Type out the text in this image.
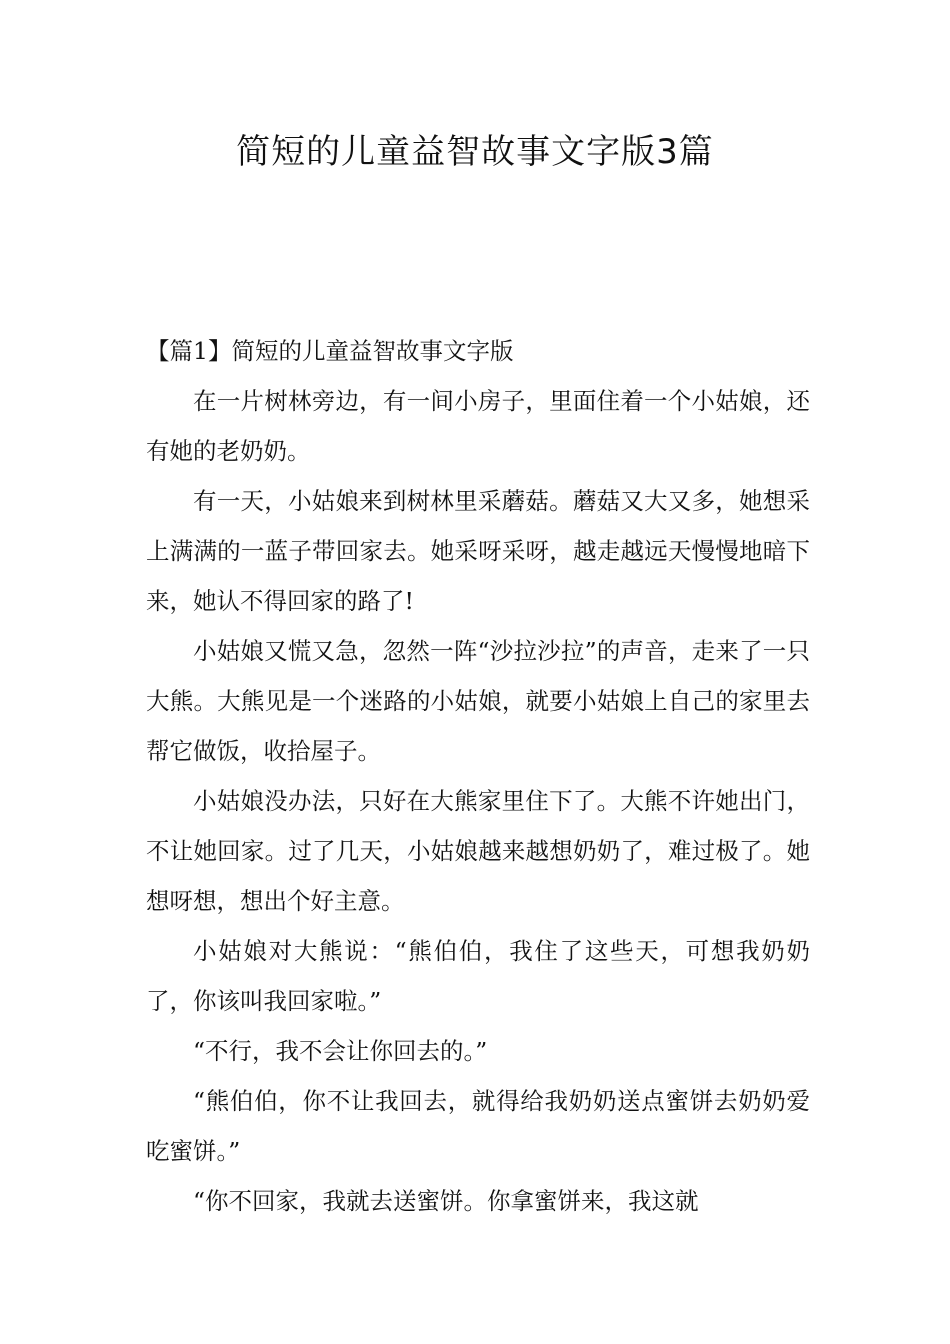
简短的儿童益智故事文字版3篇

【篇1】简短的儿童益智故事文字版

在一片树林旁边，有一间小房子，里面住着一个小姑娘，还有她的老奶奶。

有一天，小姑娘来到树林里采蘑菇。蘑菇又大又多，她想采上满满的一蓝子带回家去。她采呀采呀，越走越远天慢慢地暗下来，她认不得回家的路了!

小姑娘又慌又急，忽然一阵“沙拉沙拉”的声音，走来了一只大熊。大熊见是一个迷路的小姑娘，就要小姑娘上自己的家里去帮它做饭，收拾屋子。

小姑娘没办法，只好在大熊家里住下了。大熊不许她出门，不让她回家。过了几天，小姑娘越来越想奶奶了，难过极了。她想呀想，想出个好主意。

小姑娘对大熊说：“熊伯伯，我住了这些天，可想我奶奶了，你该叫我回家啦。”

“不行，我不会让你回去的。”

“熊伯伯，你不让我回去，就得给我奶奶送点蜜饼去奶奶爱吃蜜饼。”

“你不回家，我就去送蜜饼。你拿蜜饼来，我这就
